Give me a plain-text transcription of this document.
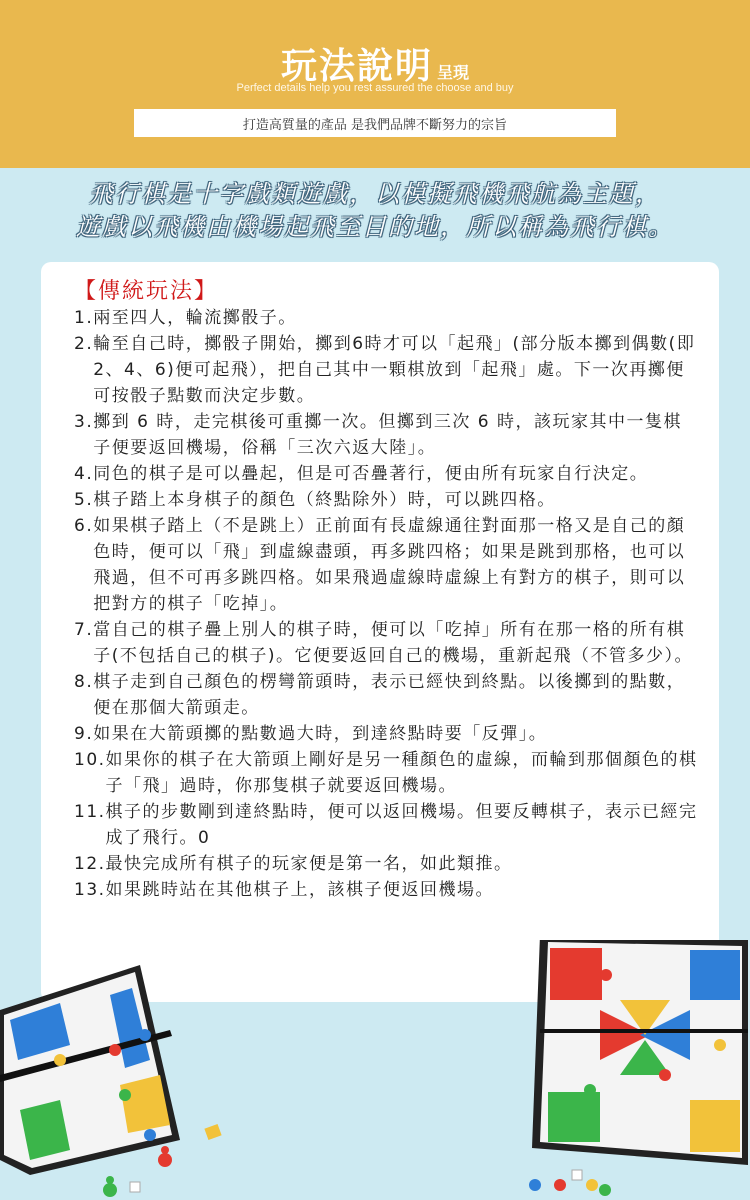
玩法說明 呈現
Perfect details help you rest assured the choose and buy
打造高質量的產品 是我們品牌不斷努力的宗旨
飛行棋是十字戲類遊戲，以模擬飛機飛航為主題，
遊戲以飛機由機場起飛至目的地，所以稱為飛行棋。
【傳統玩法】
1. 兩至四人，輪流擲骰子。
2. 輪至自己時，擲骰子開始，擲到6時才可以「起飛」(部分版本擲到偶數(即2、4、6)便可起飛），把自己其中一顆棋放到「起飛」處。下一次再擲便可按骰子點數而決定步數。
3. 擲到 6 時，走完棋後可重擲一次。但擲到三次 6 時，該玩家其中一隻棋子便要返回機場，俗稱「三次六返大陸」。
4. 同色的棋子是可以疊起，但是可否疊著行，便由所有玩家自行決定。
5. 棋子踏上本身棋子的顏色（終點除外）時，可以跳四格。
6. 如果棋子踏上（不是跳上）正前面有長虛線通往對面那一格又是自己的顏色時，便可以「飛」到虛線盡頭，再多跳四格；如果是跳到那格，也可以飛過，但不可再多跳四格。如果飛過虛線時虛線上有對方的棋子，則可以把對方的棋子「吃掉」。
7. 當自己的棋子疊上別人的棋子時，便可以「吃掉」所有在那一格的所有棋子(不包括自己的棋子)。它便要返回自己的機場，重新起飛（不管多少）。
8. 棋子走到自己顏色的楞彎箭頭時，表示已經快到終點。以後擲到的點數，便在那個大箭頭走。
9. 如果在大箭頭擲的點數過大時，到達終點時要「反彈」。
10. 如果你的棋子在大箭頭上剛好是另一種顏色的虛線，而輪到那個顏色的棋子「飛」過時，你那隻棋子就要返回機場。
11. 棋子的步數剛到達終點時，便可以返回機場。但要反轉棋子，表示已經完成了飛行。0
12. 最快完成所有棋子的玩家便是第一名，如此類推。
13. 如果跳時站在其他棋子上，該棋子便返回機場。
